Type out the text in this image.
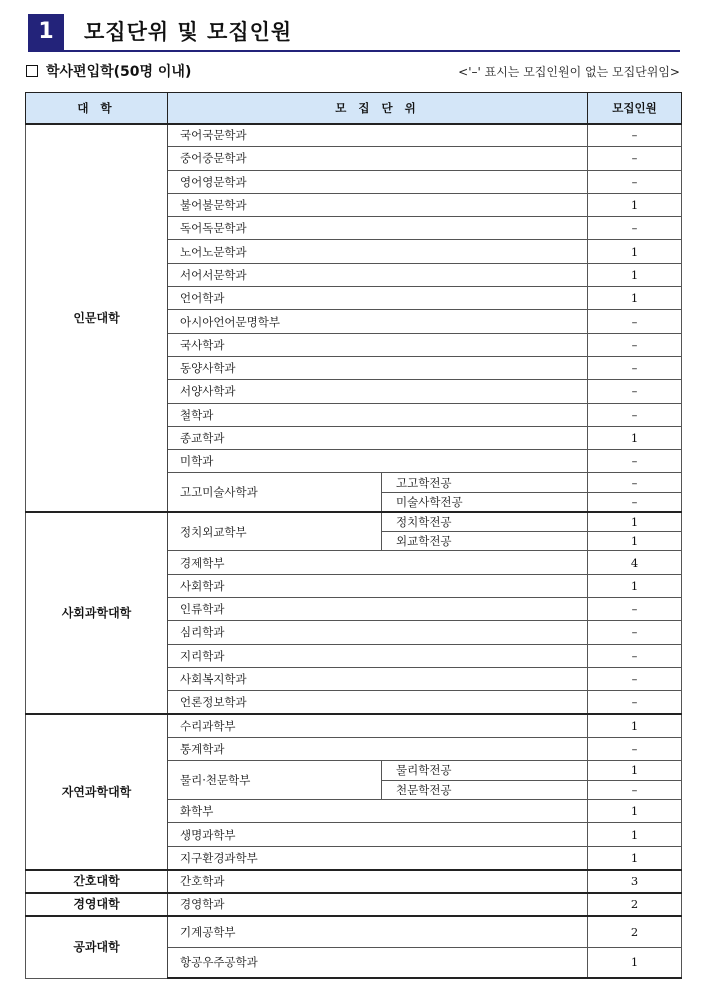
1	모집단위 및 모집인원
학사편입학(50명 이내)	<'–' 표시는 모집인원이 없는 모집단위임>
대 학	모 집 단 위		모집인원
인문대학	국어국문학과		–
	중어중문학과		–
	영어영문학과		–
	불어불문학과		1
	독어독문학과		–
	노어노문학과		1
	서어서문학과		1
	언어학과		1
	아시아언어문명학부		–
	국사학과		–
	동양사학과		–
	서양사학과		–
	철학과		–
	종교학과		1
	미학과		–
	고고미술사학과	고고학전공	–
		미술사학전공	–
사회과학대학	정치외교학부	정치학전공	1
		외교학전공	1
	경제학부		4
	사회학과		1
	인류학과		–
	심리학과		–
	지리학과		–
	사회복지학과		–
	언론정보학과		–
자연과학대학	수리과학부		1
	통계학과		–
	물리·천문학부	물리학전공	1
		천문학전공	–
	화학부		1
	생명과학부		1
	지구환경과학부		1
간호대학	간호학과		3
경영대학	경영학과		2
공과대학	기계공학부		2
	항공우주공학과		1
